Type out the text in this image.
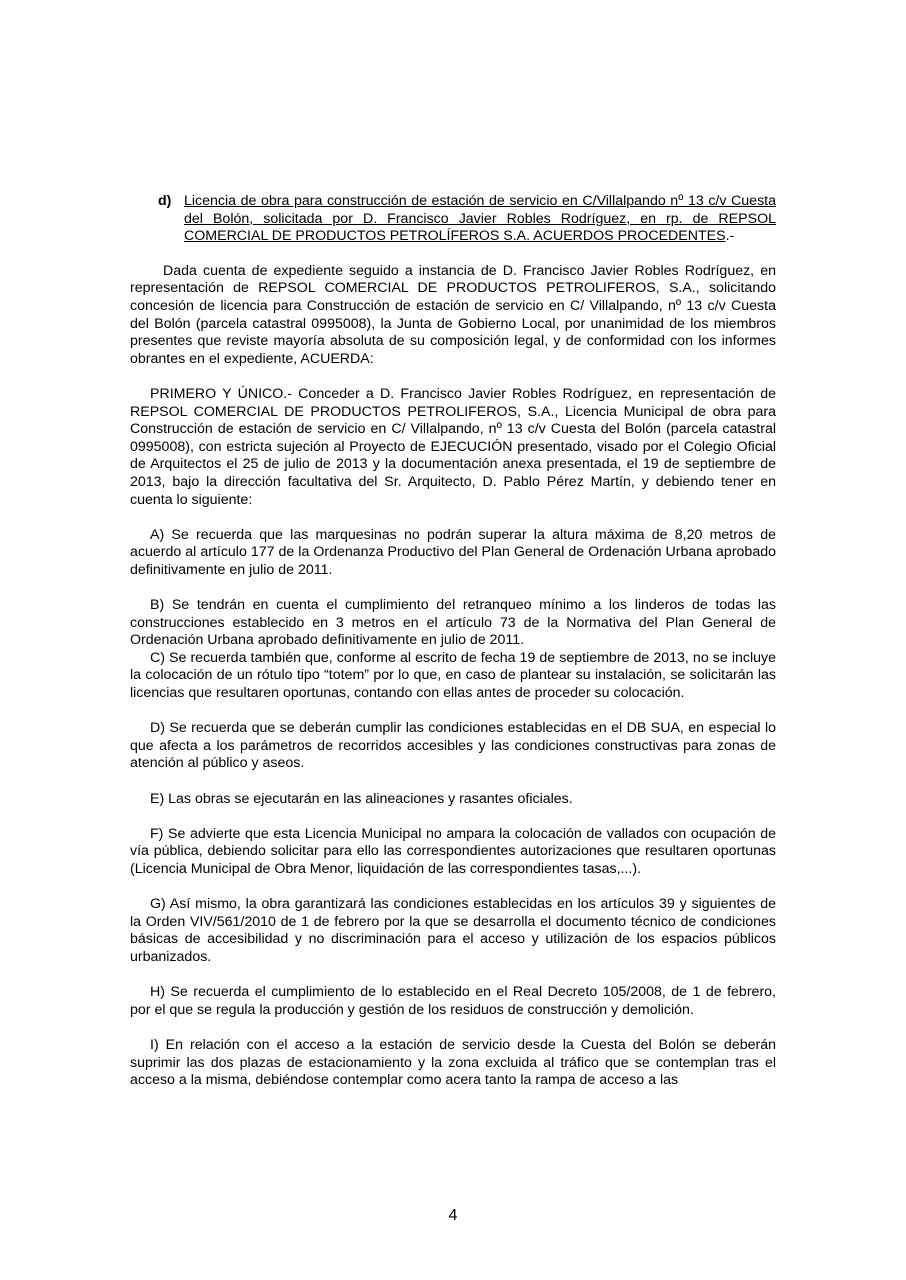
d) Licencia de obra para construcción de estación de servicio en C/Villalpando nº 13 c/v Cuesta del Bolón, solicitada por D. Francisco Javier Robles Rodríguez, en rp. de REPSOL COMERCIAL DE PRODUCTOS PETROLÍFEROS S.A. ACUERDOS PROCEDENTES.-

Dada cuenta de expediente seguido a instancia de D. Francisco Javier Robles Rodríguez, en representación de REPSOL COMERCIAL DE PRODUCTOS PETROLIFEROS, S.A., solicitando concesión de licencia para Construcción de estación de servicio en C/ Villalpando, nº 13 c/v Cuesta del Bolón (parcela catastral 0995008), la Junta de Gobierno Local, por unanimidad de los miembros presentes que reviste mayoría absoluta de su composición legal, y de conformidad con los informes obrantes en el expediente, ACUERDA:

PRIMERO Y ÚNICO.- Conceder a D. Francisco Javier Robles Rodríguez, en representación de REPSOL COMERCIAL DE PRODUCTOS PETROLIFEROS, S.A., Licencia Municipal de obra para Construcción de estación de servicio en C/ Villalpando, nº 13 c/v Cuesta del Bolón (parcela catastral 0995008), con estricta sujeción al Proyecto de EJECUCIÓN presentado, visado por el Colegio Oficial de Arquitectos el 25 de julio de 2013 y la documentación anexa presentada, el 19 de septiembre de 2013, bajo la dirección facultativa del Sr. Arquitecto, D. Pablo Pérez Martín, y debiendo tener en cuenta lo siguiente:

A) Se recuerda que las marquesinas no podrán superar la altura máxima de 8,20 metros de acuerdo al artículo 177 de la Ordenanza Productivo del Plan General de Ordenación Urbana aprobado definitivamente en julio de 2011.

B) Se tendrán en cuenta el cumplimiento del retranqueo mínimo a los linderos de todas las construcciones establecido en 3 metros en el artículo 73 de la Normativa del Plan General de Ordenación Urbana aprobado definitivamente en julio de 2011.

C) Se recuerda también que, conforme al escrito de fecha 19 de septiembre de 2013, no se incluye la colocación de un rótulo tipo “totem” por lo que, en caso de plantear su instalación, se solicitarán las licencias que resultaren oportunas, contando con ellas antes de proceder su colocación.

D) Se recuerda que se deberán cumplir las condiciones establecidas en el DB SUA, en especial lo que afecta a los parámetros de recorridos accesibles y las condiciones constructivas para zonas de atención al público y aseos.

E) Las obras se ejecutarán en las alineaciones y rasantes oficiales.

F) Se advierte que esta Licencia Municipal no ampara la colocación de vallados con ocupación de vía pública, debiendo solicitar para ello las correspondientes autorizaciones que resultaren oportunas (Licencia Municipal de Obra Menor, liquidación de las correspondientes tasas,...).

G) Así mismo, la obra garantizará las condiciones establecidas en los artículos 39 y siguientes de la Orden VIV/561/2010 de 1 de febrero por la que se desarrolla el documento técnico de condiciones básicas de accesibilidad y no discriminación para el acceso y utilización de los espacios públicos urbanizados.

H) Se recuerda el cumplimiento de lo establecido en el Real Decreto 105/2008, de 1 de febrero, por el que se regula la producción y gestión de los residuos de construcción y demolición.

I) En relación con el acceso a la estación de servicio desde la Cuesta del Bolón se deberán suprimir las dos plazas de estacionamiento y la zona excluida al tráfico que se contemplan tras el acceso a la misma, debiéndose contemplar como acera tanto la rampa de acceso a las

4
